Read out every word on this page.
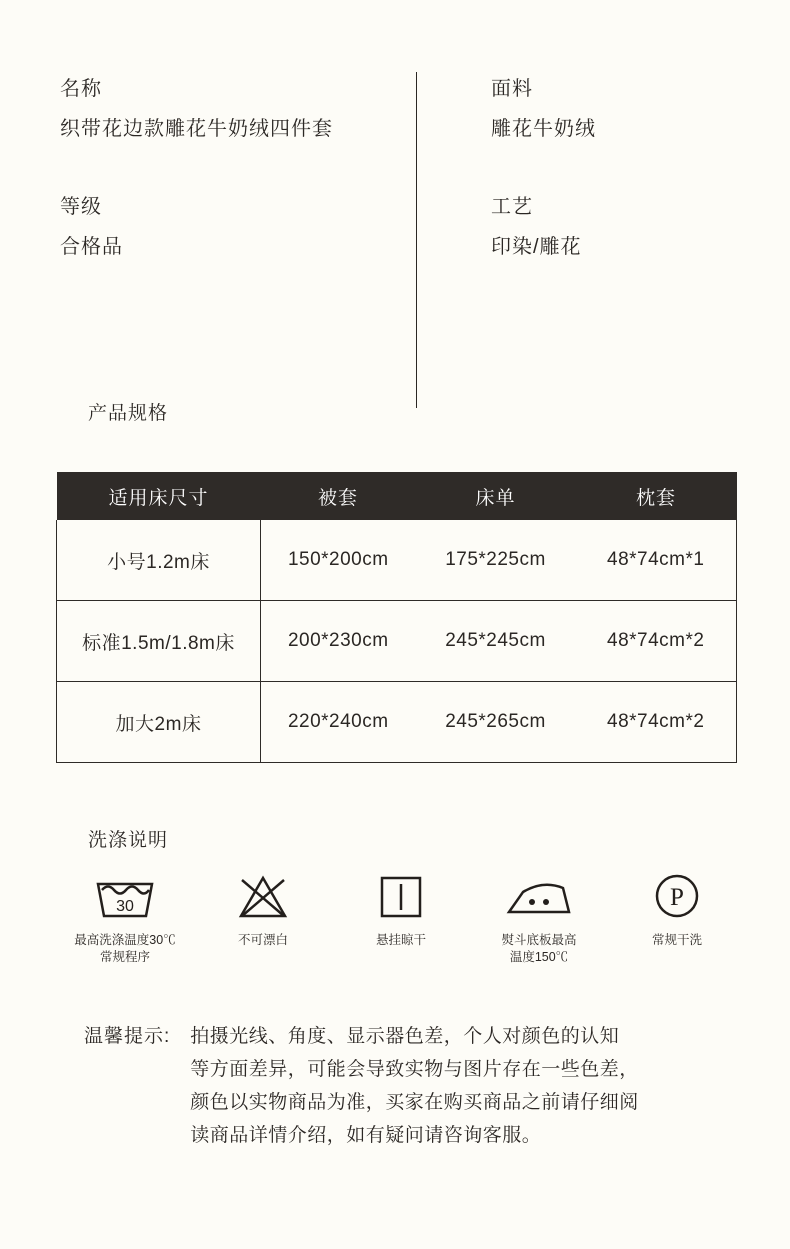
名称
织带花边款雕花牛奶绒四件套
等级
合格品
面料
雕花牛奶绒
工艺
印染/雕花
产品规格
适用床尺寸	被套	床单	枕套
小号1.2m床	150*200cm	175*225cm	48*74cm*1
标准1.5m/1.8m床	200*230cm	245*245cm	48*74cm*2
加大2m床	220*240cm	245*265cm	48*74cm*2
洗涤说明
30
最高洗涤温度30℃
常规程序
不可漂白	悬挂晾干	熨斗底板最高
温度150℃
P
常规干洗
温馨提示: 拍摄光线、角度、显示器色差，个人对颜色的认知
等方面差异，可能会导致实物与图片存在一些色差，
颜色以实物商品为准，买家在购买商品之前请仔细阅
读商品详情介绍，如有疑问请咨询客服。
